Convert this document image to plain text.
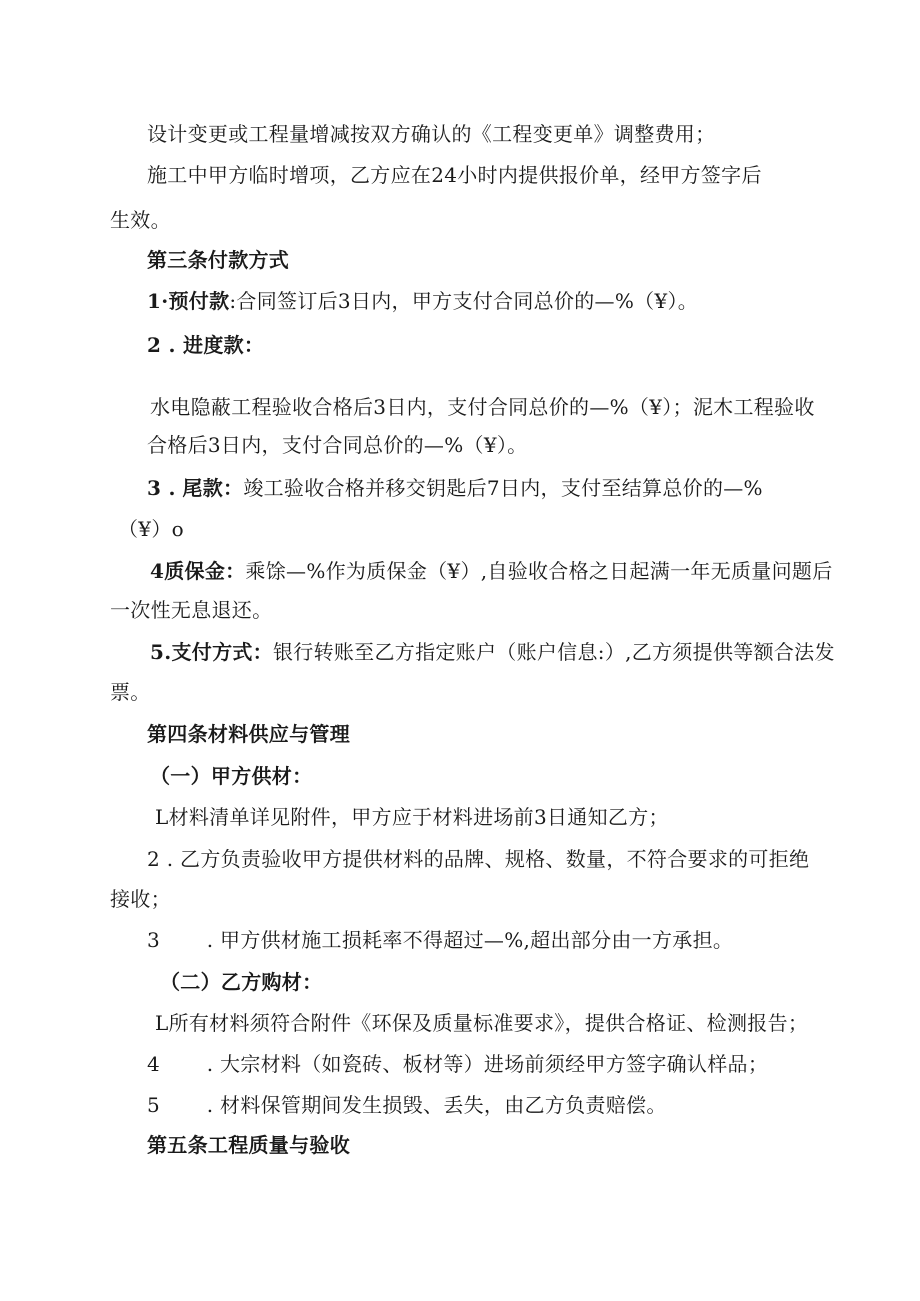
设计变更或工程量增减按双方确认的《工程变更单》调整费用；
施工中甲方临时增项，乙方应在24小时内提供报价单，经甲方签字后
生效。
第三条付款方式
1·预付款:合同签订后3日内，甲方支付合同总价的—%（¥）。
2 . 进度款：
水电隐蔽工程验收合格后3日内，支付合同总价的—%（¥）；泥木工程验收
合格后3日内，支付合同总价的—%（¥）。
3 . 尾款：竣工验收合格并移交钥匙后7日内，支付至结算总价的—%
（¥）o
4质保金：乘馀—%作为质保金（¥）,自验收合格之日起满一年无质量问题后
一次性无息退还。
5.支付方式：银行转账至乙方指定账户（账户信息:）,乙方须提供等额合法发
票。
第四条材料供应与管理
（一）甲方供材：
L材料清单详见附件，甲方应于材料进场前3日通知乙方；
2 . 乙方负责验收甲方提供材料的品牌、规格、数量，不符合要求的可拒绝
接收；
3 . 甲方供材施工损耗率不得超过—%,超出部分由一方承担。
（二）乙方购材：
L所有材料须符合附件《环保及质量标准要求》，提供合格证、检测报告；
4 . 大宗材料（如瓷砖、板材等）进场前须经甲方签字确认样品；
5 . 材料保管期间发生损毁、丢失，由乙方负责赔偿。
第五条工程质量与验收
